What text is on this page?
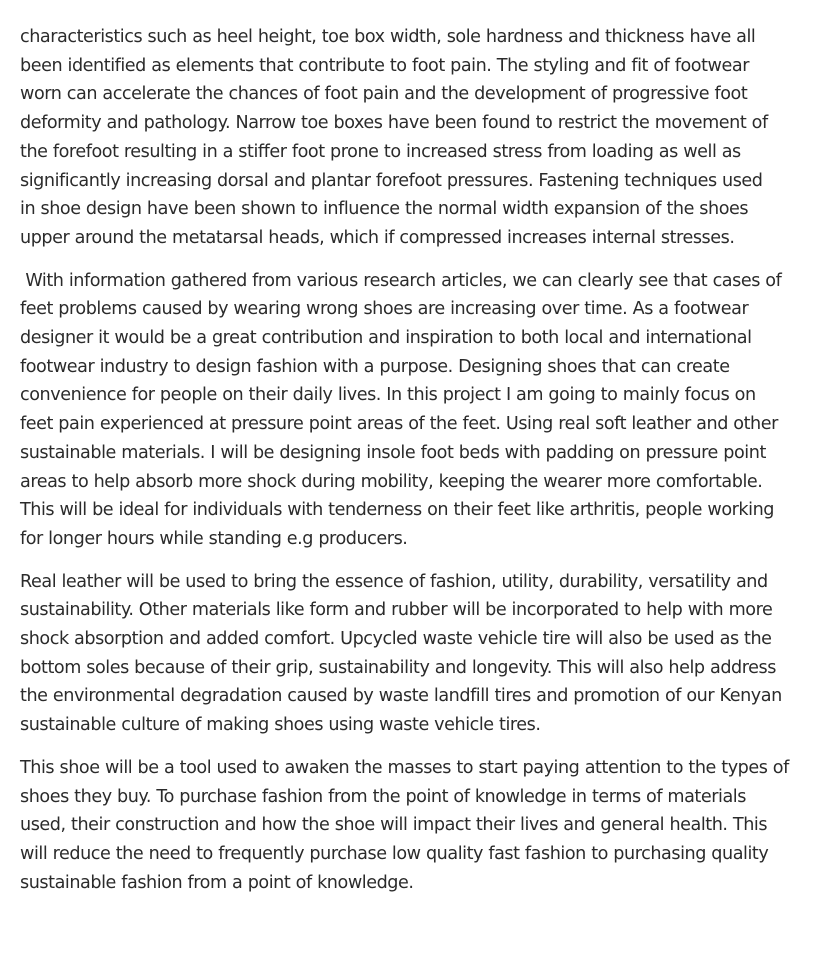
characteristics such as heel height, toe box width, sole hardness and thickness have all
been identified as elements that contribute to foot pain. The styling and fit of footwear
worn can accelerate the chances of foot pain and the development of progressive foot
deformity and pathology. Narrow toe boxes have been found to restrict the movement of
the forefoot resulting in a stiffer foot prone to increased stress from loading as well as
significantly increasing dorsal and plantar forefoot pressures. Fastening techniques used
in shoe design have been shown to influence the normal width expansion of the shoes
upper around the metatarsal heads, which if compressed increases internal stresses.

With information gathered from various research articles, we can clearly see that cases of
feet problems caused by wearing wrong shoes are increasing over time. As a footwear
designer it would be a great contribution and inspiration to both local and international
footwear industry to design fashion with a purpose. Designing shoes that can create
convenience for people on their daily lives. In this project I am going to mainly focus on
feet pain experienced at pressure point areas of the feet. Using real soft leather and other
sustainable materials. I will be designing insole foot beds with padding on pressure point
areas to help absorb more shock during mobility, keeping the wearer more comfortable.
This will be ideal for individuals with tenderness on their feet like arthritis, people working
for longer hours while standing e.g producers.

Real leather will be used to bring the essence of fashion, utility, durability, versatility and
sustainability. Other materials like form and rubber will be incorporated to help with more
shock absorption and added comfort. Upcycled waste vehicle tire will also be used as the
bottom soles because of their grip, sustainability and longevity. This will also help address
the environmental degradation caused by waste landfill tires and promotion of our Kenyan
sustainable culture of making shoes using waste vehicle tires.

This shoe will be a tool used to awaken the masses to start paying attention to the types of
shoes they buy. To purchase fashion from the point of knowledge in terms of materials
used, their construction and how the shoe will impact their lives and general health. This
will reduce the need to frequently purchase low quality fast fashion to purchasing quality
sustainable fashion from a point of knowledge.
